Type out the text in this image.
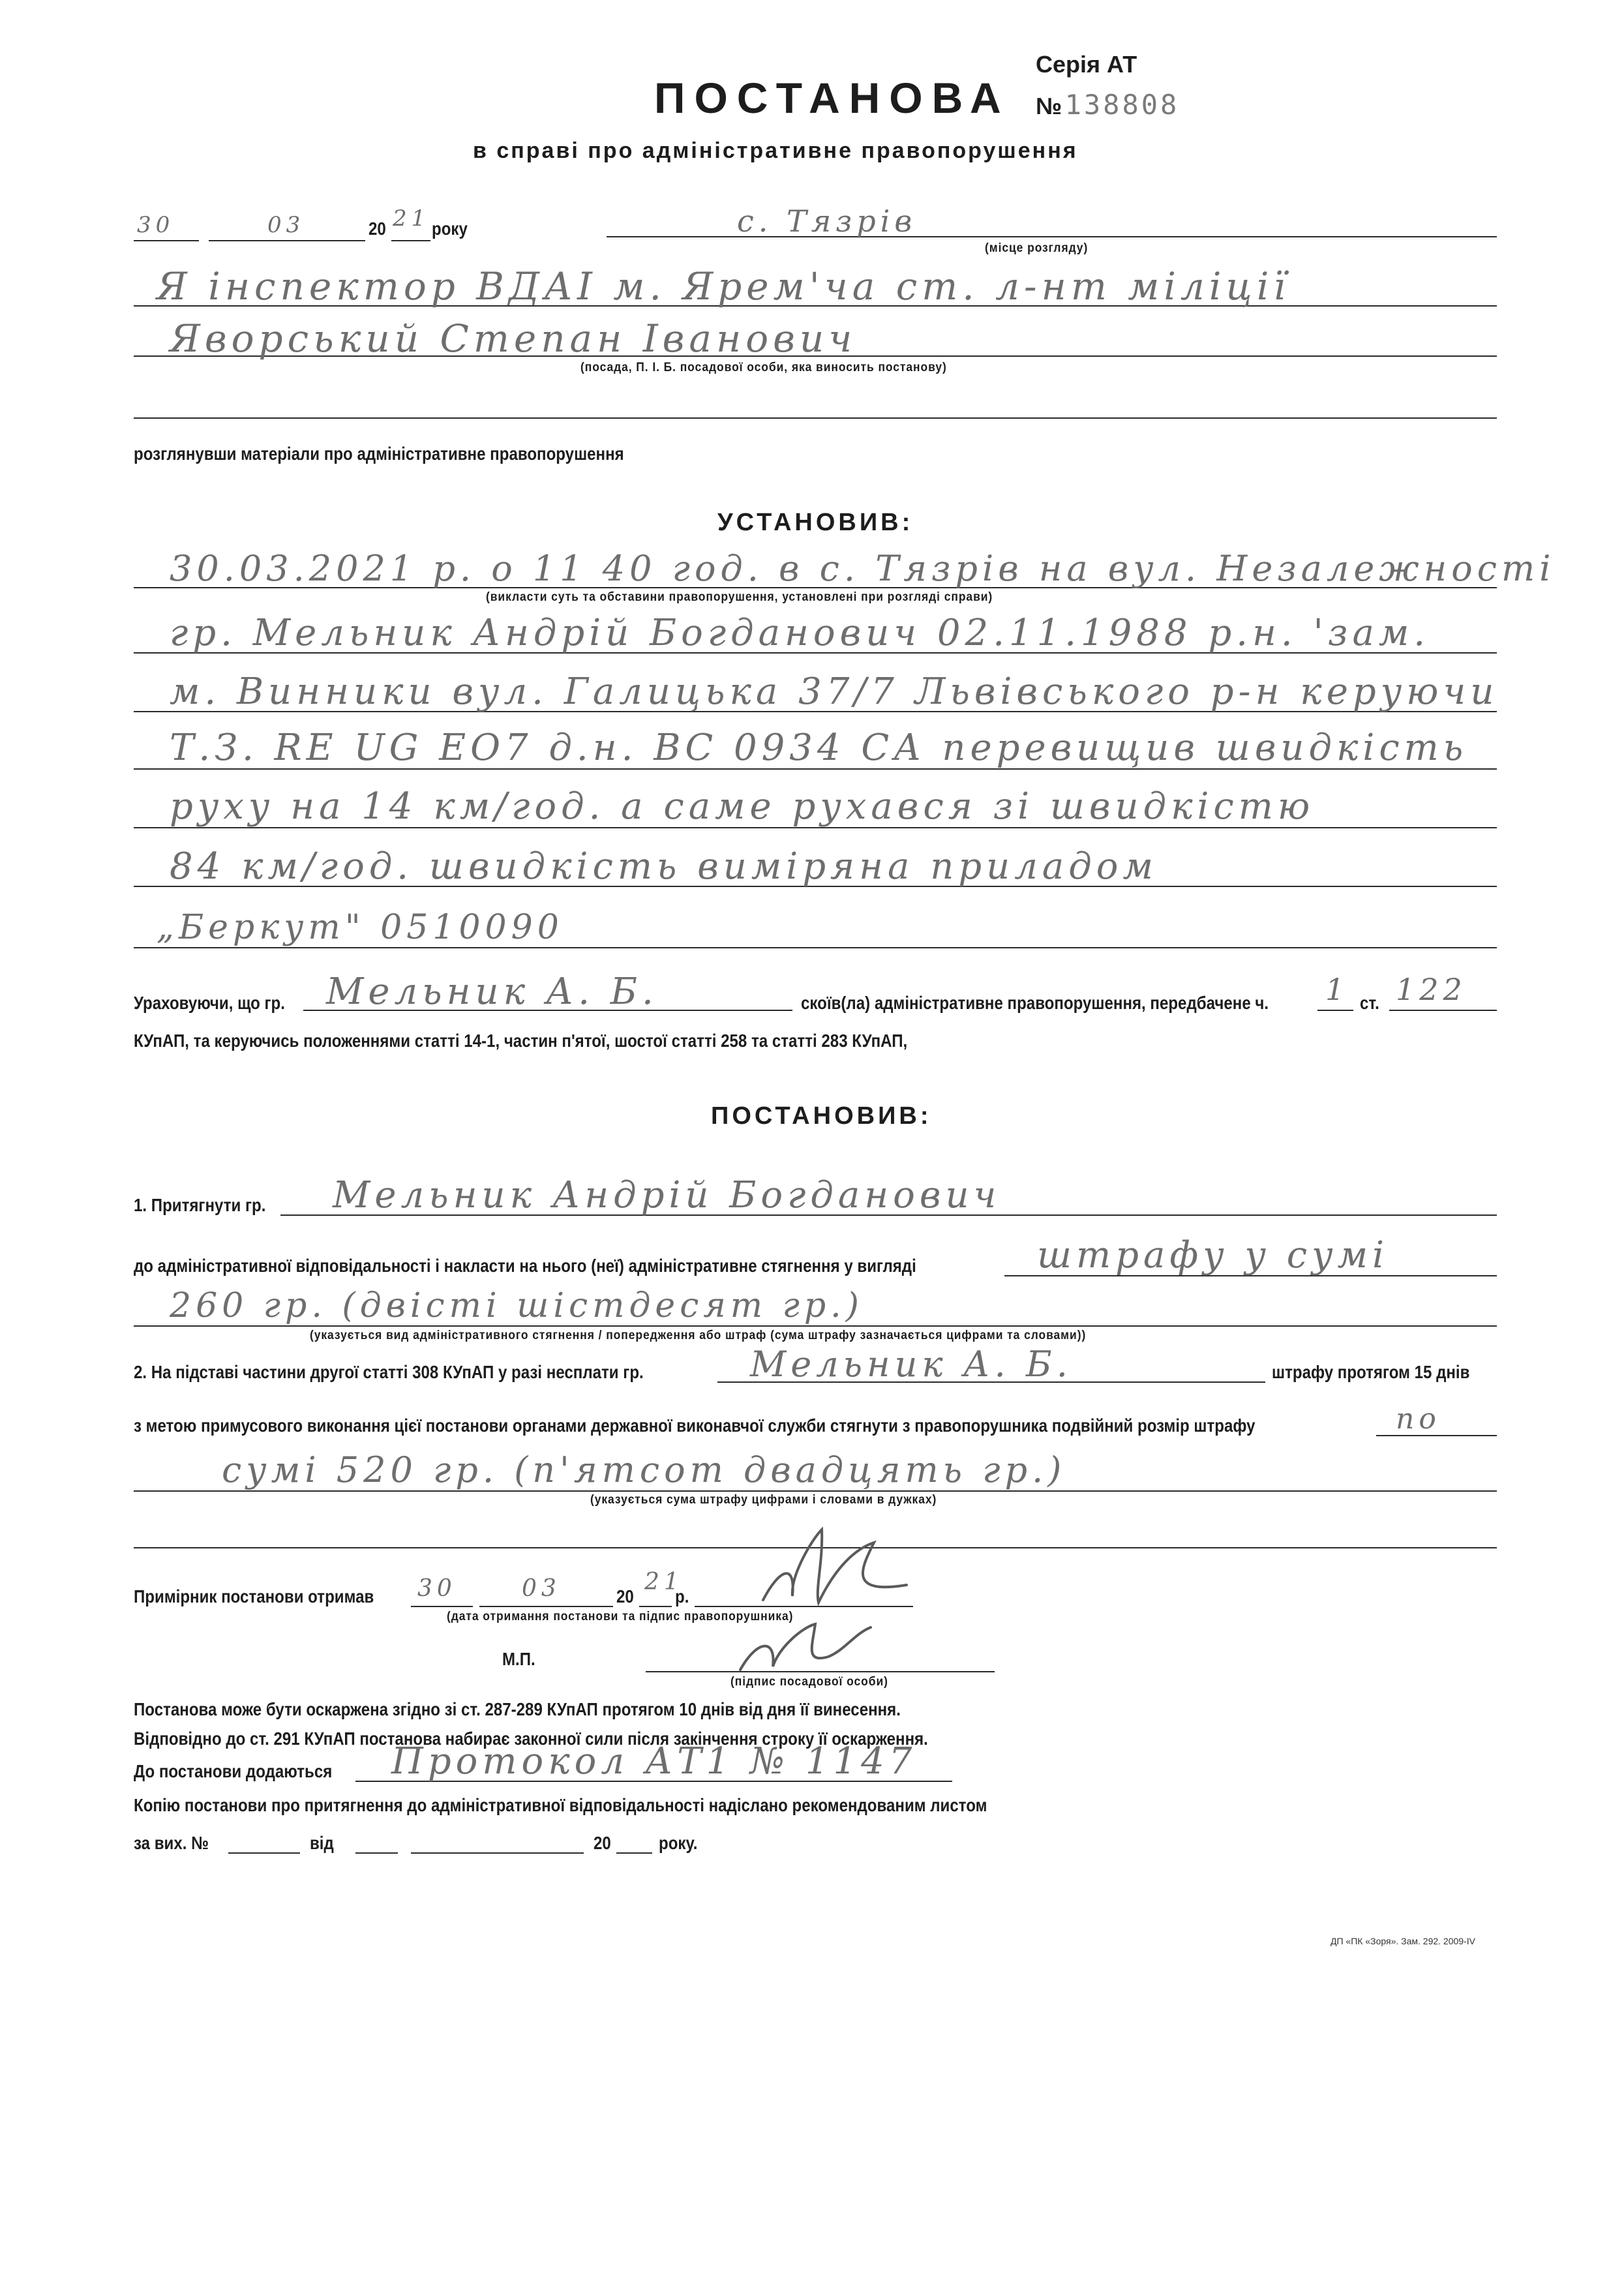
ПОСТАНОВА
в справі про адміністративне правопорушення
Серія АТ
№ 138808
30	03	20 21 року	с. Тязрів
(місце розгляду)
Я інспектор ВДАІ м. Ярем'ча ст. л-нт міліції
Яворський Степан Іванович
(посада, П. І. Б. посадової особи, яка виносить постанову)
розглянувши матеріали про адміністративне правопорушення
УСТАНОВИВ:
30.03.2021 р. о 11 40 год. в с. Тязрів на вул. Незалежності
(викласти суть та обставини правопорушення, установлені при розгляді справи)
гр. Мельник Андрій Богданович 02.11.1988 р.н. 'зам.
м. Винники вул. Галицька 37/7 Львівського р-н керуючи
Т.З. RE UG EO7 д.н. ВС 0934 СА перевищив швидкість
руху на 14 км/год. а саме рухався зі швидкістю
84 км/год. швидкість виміряна приладом
„Беркут" 0510090
Ураховуючи, що гр. Мельник А. Б.	скоїв(ла) адміністративне правопорушення, передбачене ч. 1 ст. 122
КУпАП, та керуючись положеннями статті 14-1, частин п'ятої, шостої статті 258 та статті 283 КУпАП,
ПОСТАНОВИВ:
1. Притягнути гр. Мельник Андрій Богданович
до адміністративної відповідальності і накласти на нього (неї) адміністративне стягнення у вигляді	штрафу у сумі
260 гр. (двісті шістдесят гр.)
(указується вид адміністративного стягнення / попередження або штраф (сума штрафу зазначається цифрами та словами))
2. На підставі частини другої статті 308 КУпАП у разі несплати гр.	Мельник А. Б.	штрафу протягом 15 днів
з метою примусового виконання цієї постанови органами державної виконавчої служби стягнути з правопорушника подвійний розмір штрафу	по
сумі 520 гр. (п'ятсот двадцять гр.)
(указується сума штрафу цифрами і словами в дужках)
Примірник постанови отримав 30	03	20
21
р.
(дата отримання постанови та підпис правопорушника)
М.П.
(підпис посадової особи)
Постанова може бути оскаржена згідно зі ст. 287-289 КУпАП протягом 10 днів від дня її винесення.
Відповідно до ст. 291 КУпАП постанова набирає законної сили після закінчення строку її оскарження.
До постанови додаються Протокол АТ1 № 1147
Копію постанови про притягнення до адміністративної відповідальності надіслано рекомендованим листом
за вих. №	від	20	року.
ДП «ПК «Зоря». Зам. 292. 2009-IV
